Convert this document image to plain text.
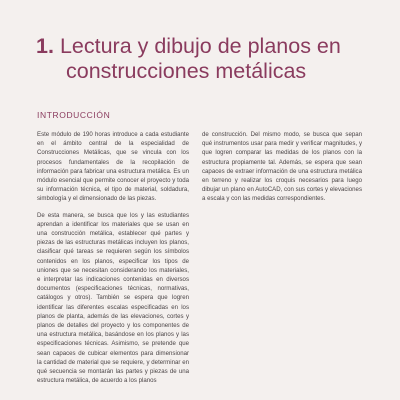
1. Lectura y dibujo de planos en
construcciones metálicas
INTRODUCCIÓN

Este módulo de 190 horas introduce a cada estudiante en el ámbito central de la especialidad de Construcciones Metálicas, que se vincula con los procesos fundamentales de la recopilación de información para fabricar una estructura metálica. Es un módulo esencial que permite conocer el proyecto y toda su información técnica, el tipo de material, soldadura, simbología y el dimensionado de las piezas.

De esta manera, se busca que los y las estudiantes aprendan a identificar los materiales que se usan en una construcción metálica, establecer qué partes y piezas de las estructuras metálicas incluyen los planos, clasificar qué tareas se requieren según los símbolos contenidos en los planos, especificar los tipos de uniones que se necesitan considerando los materiales, e interpretar las indicaciones contenidas en diversos documentos (especificaciones técnicas, normativas, catálogos y otros). También se espera que logren identificar las diferentes escalas especificadas en los planos de planta, además de las elevaciones, cortes y planos de detalles del proyecto y los componentes de una estructura metálica, basándose en los planos y las especificaciones técnicas. Asimismo, se pretende que sean capaces de cubicar elementos para dimensionar la cantidad de material que se requiere, y determinar en qué secuencia se montarán las partes y piezas de una estructura metálica, de acuerdo a los planos

de construcción. Del mismo modo, se busca que sepan qué instrumentos usar para medir y verificar magnitudes, y que logren comparar las medidas de los planos con la estructura propiamente tal. Además, se espera que sean capaces de extraer información de una estructura metálica en terreno y realizar los croquis necesarios para luego dibujar un plano en AutoCAD, con sus cortes y elevaciones a escala y con las medidas correspondientes.
